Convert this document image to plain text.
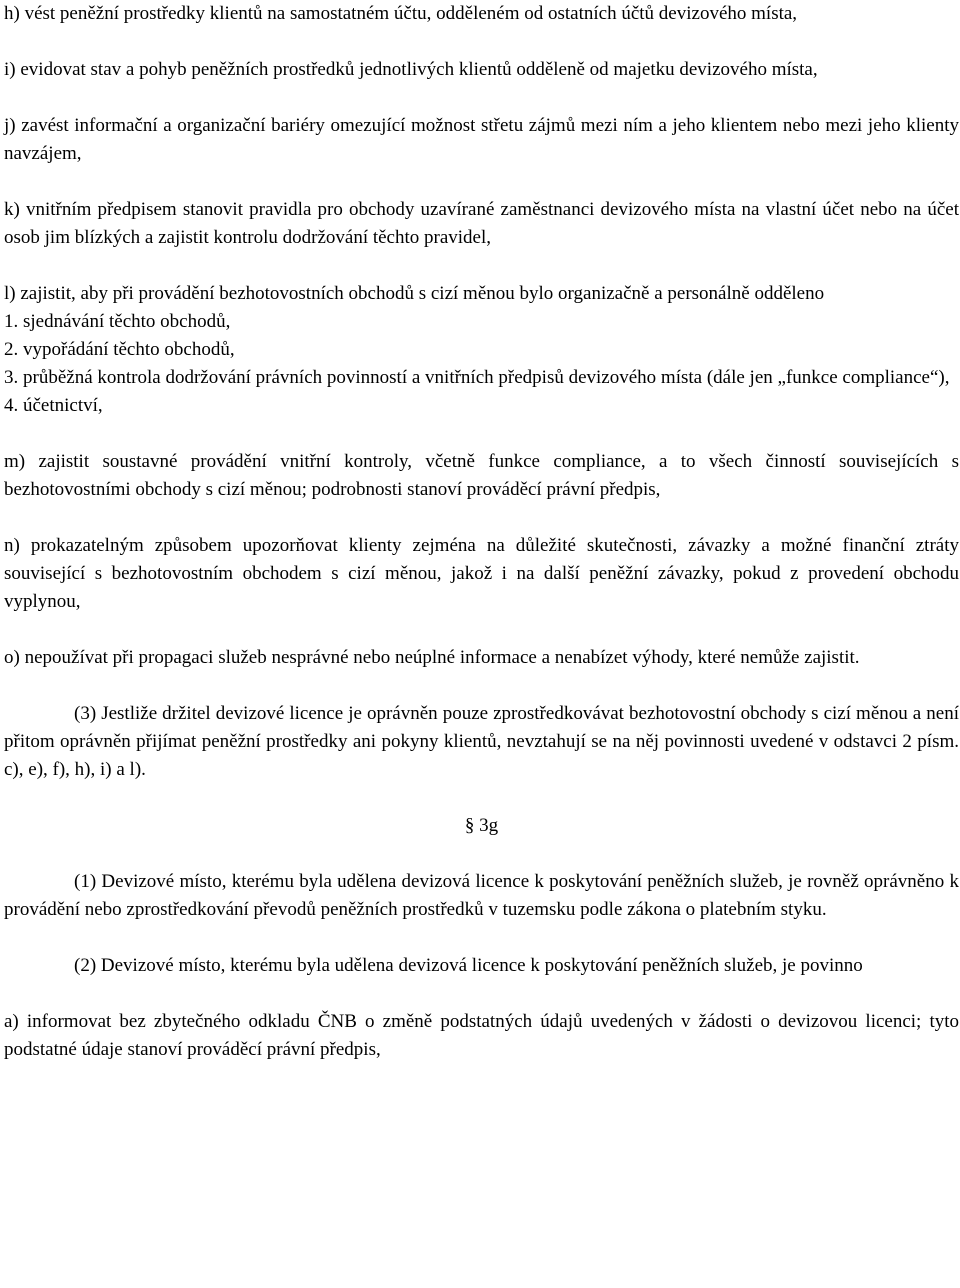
h) vést peněžní prostředky klientů na samostatném účtu, odděleném od ostatních účtů devizového místa,

i) evidovat stav a pohyb peněžních prostředků jednotlivých klientů odděleně od majetku devizového místa,

j) zavést informační a organizační bariéry omezující možnost střetu zájmů mezi ním a jeho klientem nebo mezi jeho klienty navzájem,

k) vnitřním předpisem stanovit pravidla pro obchody uzavírané zaměstnanci devizového místa na vlastní účet nebo na účet osob jim blízkých a zajistit kontrolu dodržování těchto pravidel,

l) zajistit, aby při provádění bezhotovostních obchodů s cizí měnou bylo organizačně a personálně odděleno

1. sjednávání těchto obchodů,

2. vypořádání těchto obchodů,

3. průběžná kontrola dodržování právních povinností a vnitřních předpisů devizového místa (dále jen „funkce compliance“),

4. účetnictví,

m) zajistit soustavné provádění vnitřní kontroly, včetně funkce compliance, a to všech činností souvisejících s bezhotovostními obchody s cizí měnou; podrobnosti stanoví prováděcí právní předpis,

n) prokazatelným způsobem upozorňovat klienty zejména na důležité skutečnosti, závazky a možné finanční ztráty související s bezhotovostním obchodem s cizí měnou, jakož i na další peněžní závazky, pokud z provedení obchodu vyplynou,

o) nepoužívat při propagaci služeb nesprávné nebo neúplné informace a nenabízet výhody, které nemůže zajistit.

(3) Jestliže držitel devizové licence je oprávněn pouze zprostředkovávat bezhotovostní obchody s cizí měnou a není přitom oprávněn přijímat peněžní prostředky ani pokyny klientů, nevztahují se na něj povinnosti uvedené v odstavci 2 písm. c), e), f), h), i) a l).

§ 3g

(1) Devizové místo, kterému byla udělena devizová licence k poskytování peněžních služeb, je rovněž oprávněno k provádění nebo zprostředkování převodů peněžních prostředků v tuzemsku podle zákona o platebním styku.

(2) Devizové místo, kterému byla udělena devizová licence k poskytování peněžních služeb, je povinno

a) informovat bez zbytečného odkladu ČNB o změně podstatných údajů uvedených v žádosti o devizovou licenci; tyto podstatné údaje stanoví prováděcí právní předpis,
